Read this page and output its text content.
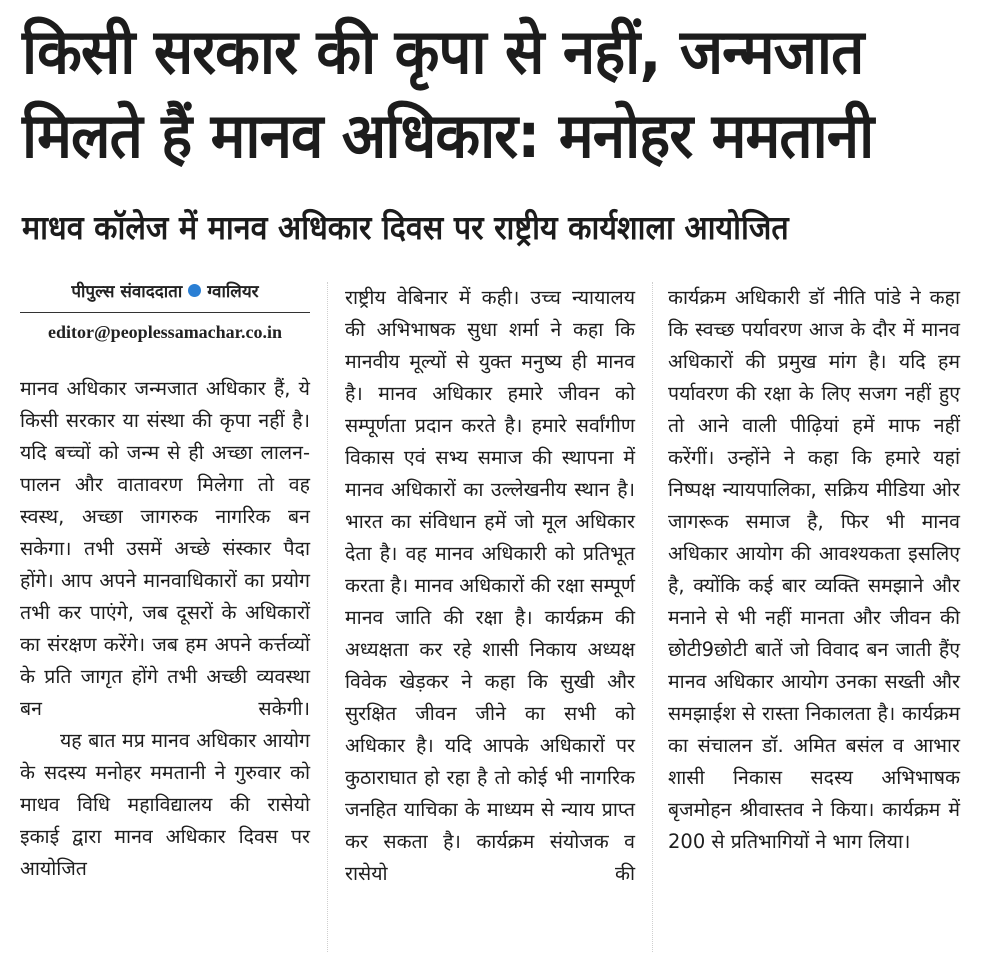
किसी सरकार की कृपा से नहीं, जन्मजात
मिलते हैं मानव अधिकार: मनोहर ममतानी
माधव कॉलेज में मानव अधिकार दिवस पर राष्ट्रीय कार्यशाला आयोजित
पीपुल्स संवाददाता ग्वालियर
editor@peoplessamachar.co.in

मानव अधिकार जन्मजात अधिकार हैं, ये किसी सरकार या संस्था की कृपा नहीं है। यदि बच्चों को जन्म से ही अच्छा लालन-पालन और वातावरण मिलेगा तो वह स्वस्थ, अच्छा जागरुक नागरिक बन सकेगा। तभी उसमें अच्छे संस्कार पैदा होंगे। आप अपने मानवाधिकारों का प्रयोग तभी कर पाएंगे, जब दूसरों के अधिकारों का संरक्षण करेंगे। जब हम अपने कर्त्तव्यों के प्रति जागृत होंगे तभी अच्छी व्यवस्था बन सकेगी।

यह बात मप्र मानव अधिकार आयोग के सदस्य मनोहर ममतानी ने गुरुवार को माधव विधि महाविद्यालय की रासेयो इकाई द्वारा मानव अधिकार दिवस पर आयोजित

राष्ट्रीय वेबिनार में कही। उच्च न्यायालय की अभिभाषक सुधा शर्मा ने कहा कि मानवीय मूल्यों से युक्त मनुष्य ही मानव है। मानव अधिकार हमारे जीवन को सम्पूर्णता प्रदान करते है। हमारे सर्वांगीण विकास एवं सभ्य समाज की स्थापना में मानव अधिकारों का उल्लेखनीय स्थान है। भारत का संविधान हमें जो मूल अधिकार देता है। वह मानव अधिकारी को प्रतिभूत करता है। मानव अधिकारों की रक्षा सम्पूर्ण मानव जाति की रक्षा है। कार्यक्रम की अध्यक्षता कर रहे शासी निकाय अध्यक्ष विवेक खेड़कर ने कहा कि सुखी और सुरक्षित जीवन जीने का सभी को अधिकार है। यदि आपके अधिकारों पर कुठाराघात हो रहा है तो कोई भी नागरिक जनहित याचिका के माध्यम से न्याय प्राप्त कर सकता है। कार्यक्रम संयोजक व रासेयो की

कार्यक्रम अधिकारी डॉ नीति पांडे ने कहा कि स्वच्छ पर्यावरण आज के दौर में मानव अधिकारों की प्रमुख मांग है। यदि हम पर्यावरण की रक्षा के लिए सजग नहीं हुए तो आने वाली पीढ़ियां हमें माफ नहीं करेंगीं। उन्होंने ने कहा कि हमारे यहां निष्पक्ष न्यायपालिका, सक्रिय मीडिया ओर जागरूक समाज है, फिर भी मानव अधिकार आयोग की आवश्यकता इसलिए है, क्योंकि कई बार व्यक्ति समझाने और मनाने से भी नहीं मानता और जीवन की छोटी9छोटी बातें जो विवाद बन जाती हैंए मानव अधिकार आयोग उनका सख्ती और समझाईश से रास्ता निकालता है। कार्यक्रम का संचालन डॉ. अमित बसंल व आभार शासी निकास सदस्य अभिभाषक बृजमोहन श्रीवास्तव ने किया। कार्यक्रम में 200 से प्रतिभागियों ने भाग लिया।
